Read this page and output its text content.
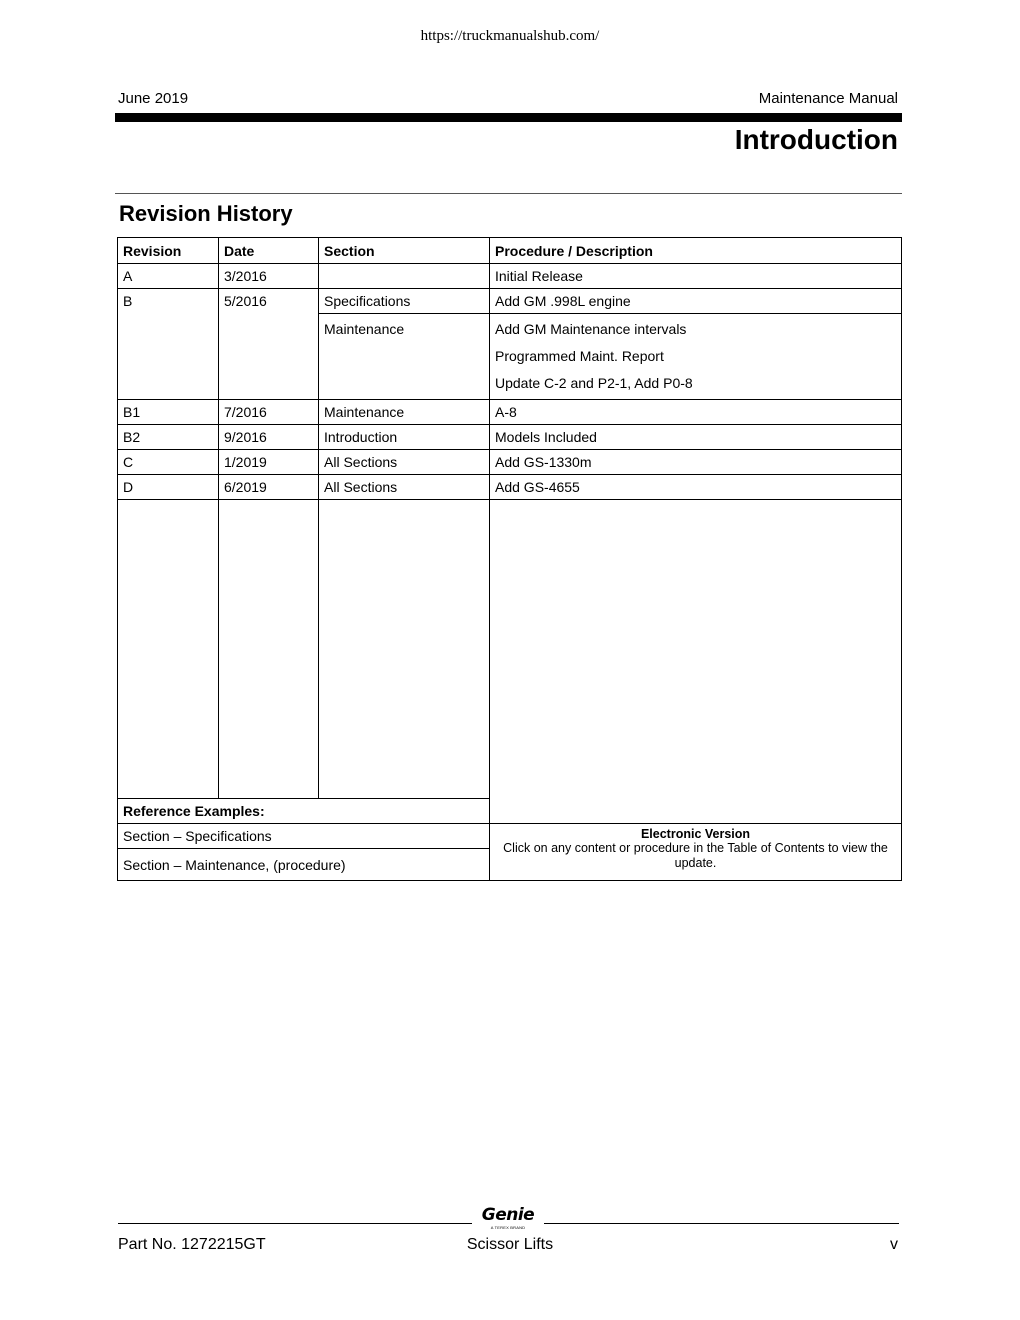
https://truckmanualshub.com/
June 2019	Maintenance Manual
Introduction
Revision History
Revision	Date	Section	Procedure / Description
A	3/2016		Initial Release
B	5/2016	Specifications	Add GM .998L engine

		Maintenance	Add GM Maintenance intervals
Programmed Maint. Report
Update C-2 and P2-1, Add P0-8

B1	7/2016	Maintenance	A-8
B2	9/2016	Introduction	Models Included
C	1/2019	All Sections	Add GS-1330m
D	6/2019	All Sections	Add GS-4655

Reference Examples:			
Section – Specifications			Electronic Version
Click on any content or procedure in the Table of Contents to view the update.

Section – Maintenance, (procedure)			
Genie
A TEREX BRAND
Part No. 1272215GT	Scissor Lifts	v
